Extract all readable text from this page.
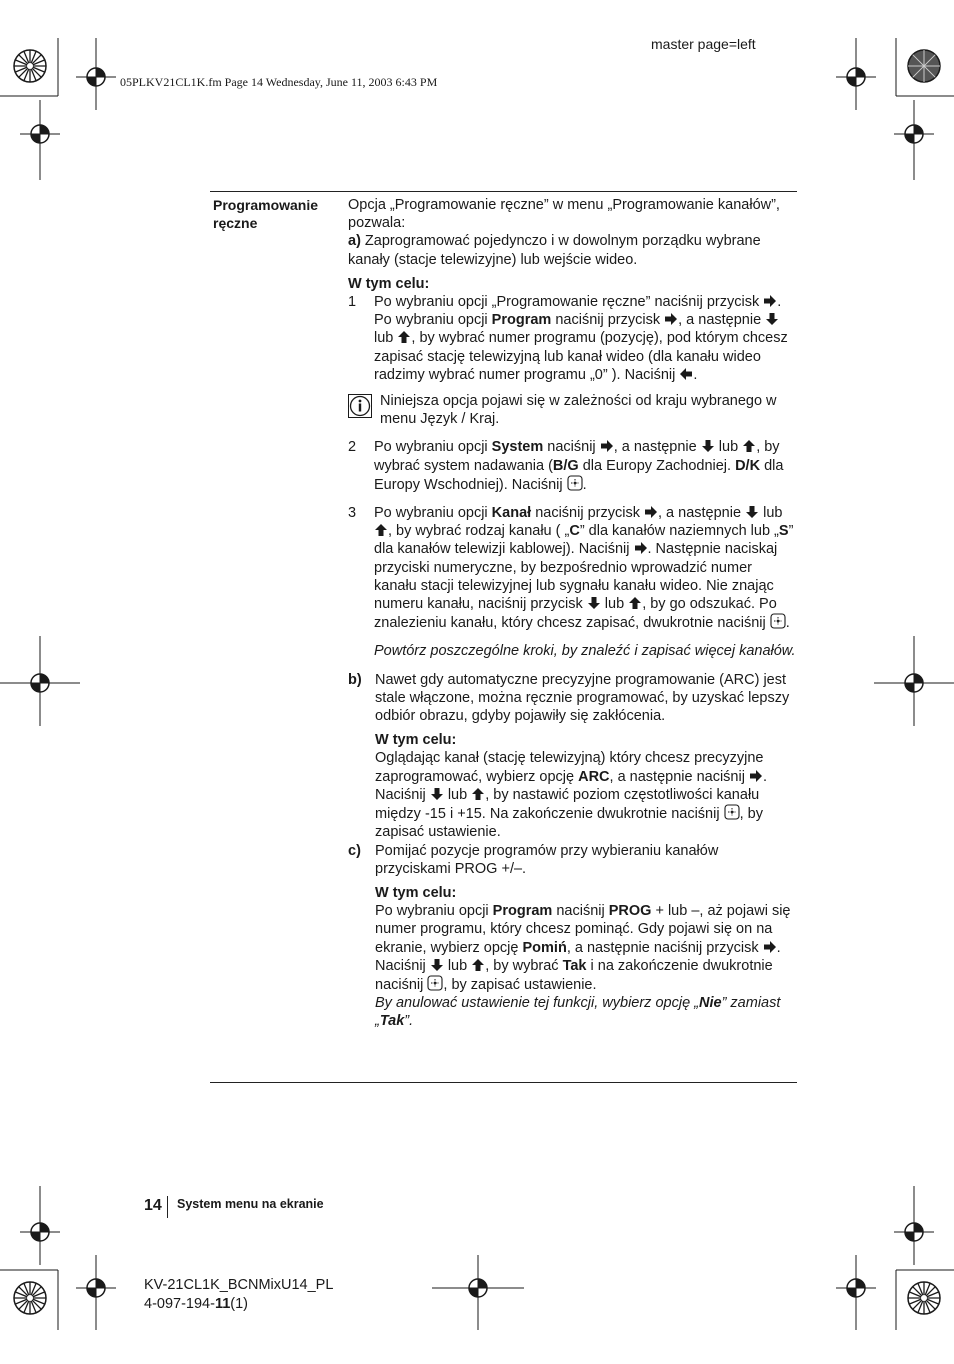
master page=left
05PLKV21CL1K.fm Page 14 Wednesday, June 11, 2003 6:43 PM
Programowanie ręczne

Opcja „Programowanie ręczne” w menu „Programowanie kanałów”, pozwala:

a) Zaprogramować pojedynczo i w dowolnym porządku wybrane kanały (stacje telewizyjne) lub wejście wideo.

W tym celu:

1	Po wybraniu opcji „Programowanie ręczne” naciśnij przycisk . Po wybraniu opcji Program naciśnij przycisk , a następnie  lub , by wybrać numer programu (pozycję), pod którym chcesz zapisać stację telewizyjną lub kanał wideo (dla kanału wideo radzimy wybrać numer programu „0” ). Naciśnij .
Niniejsza opcja pojawi się w zależności od kraju wybranego w menu Język / Kraj.
2	Po wybraniu opcji System naciśnij , a następnie  lub , by wybrać system nadawania (B/G dla Europy Zachodniej. D/K dla Europy Wschodniej). Naciśnij .
3	Po wybraniu opcji Kanał naciśnij przycisk , a następnie  lub , by wybrać rodzaj kanału ( „C” dla kanałów naziemnych lub „S” dla kanałów telewizji kablowej). Naciśnij . Następnie naciskaj przyciski numeryczne, by bezpośrednio wprowadzić numer kanału stacji telewizyjnej lub sygnału kanału wideo. Nie znając numeru kanału, naciśnij przycisk  lub , by go odszukać. Po znalezieniu kanału, który chcesz zapisać, dwukrotnie naciśnij .

Powtórz poszczególne kroki, by znaleźć i zapisać więcej kanałów.

b) Nawet gdy automatyczne precyzyjne programowanie (ARC) jest stale włączone, można ręcznie programować, by uzyskać lepszy odbiór obrazu, gdyby pojawiły się zakłócenia.

W tym celu:

Oglądając kanał (stację telewizyjną) który chcesz precyzyjne zaprogramować, wybierz opcję ARC, a następnie naciśnij . Naciśnij  lub , by nastawić poziom częstotliwości kanału między -15 i +15. Na zakończenie dwukrotnie naciśnij , by zapisać ustawienie.

c) Pomijać pozycje programów przy wybieraniu kanałów przyciskami PROG +/–.

W tym celu:

Po wybraniu opcji Program naciśnij PROG + lub –, aż pojawi się numer programu, który chcesz pominąć. Gdy pojawi się on na ekranie, wybierz opcję Pomiń, a następnie naciśnij przycisk . Naciśnij  lub , by wybrać Tak i na zakończenie dwukrotnie naciśnij , by zapisać ustawienie.

By anulować ustawienie tej funkcji, wybierz opcję „Nie” zamiast „Tak”.

14 System menu na ekranie
KV-21CL1K_BCNMixU14_PL
4-097-194-11(1)
